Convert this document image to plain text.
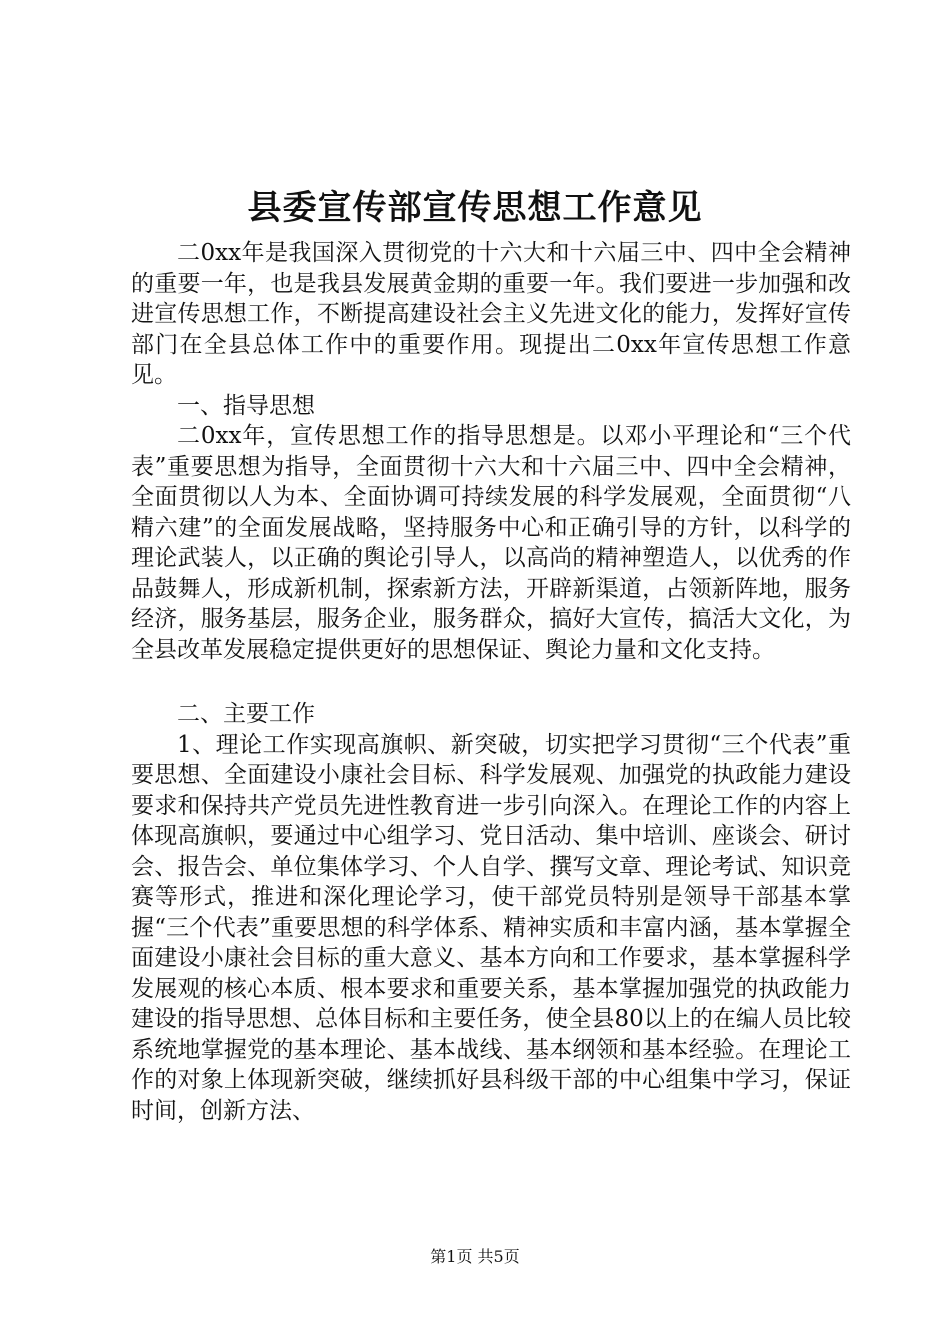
县委宣传部宣传思想工作意见

二0xx年是我国深入贯彻党的十六大和十六届三中、四中全会精神的重要一年，也是我县发展黄金期的重要一年。我们要进一步加强和改进宣传思想工作，不断提高建设社会主义先进文化的能力，发挥好宣传部门在全县总体工作中的重要作用。现提出二0xx年宣传思想工作意见。

一、指导思想

二0xx年，宣传思想工作的指导思想是。以邓小平理论和“三个代表”重要思想为指导，全面贯彻十六大和十六届三中、四中全会精神，全面贯彻以人为本、全面协调可持续发展的科学发展观，全面贯彻“八精六建”的全面发展战略，坚持服务中心和正确引导的方针，以科学的理论武装人，以正确的舆论引导人，以高尚的精神塑造人，以优秀的作品鼓舞人，形成新机制，探索新方法，开辟新渠道，占领新阵地，服务经济，服务基层，服务企业，服务群众，搞好大宣传，搞活大文化，为全县改革发展稳定提供更好的思想保证、舆论力量和文化支持。

二、主要工作

1、理论工作实现高旗帜、新突破，切实把学习贯彻“三个代表”重要思想、全面建设小康社会目标、科学发展观、加强党的执政能力建设要求和保持共产党员先进性教育进一步引向深入。在理论工作的内容上体现高旗帜，要通过中心组学习、党日活动、集中培训、座谈会、研讨会、报告会、单位集体学习、个人自学、撰写文章、理论考试、知识竞赛等形式，推进和深化理论学习，使干部党员特别是领导干部基本掌握“三个代表”重要思想的科学体系、精神实质和丰富内涵，基本掌握全面建设小康社会目标的重大意义、基本方向和工作要求，基本掌握科学发展观的核心本质、根本要求和重要关系，基本掌握加强党的执政能力建设的指导思想、总体目标和主要任务，使全县80以上的在编人员比较系统地掌握党的基本理论、基本战线、基本纲领和基本经验。在理论工作的对象上体现新突破，继续抓好县科级干部的中心组集中学习，保证时间，创新方法、

第1页 共5页
